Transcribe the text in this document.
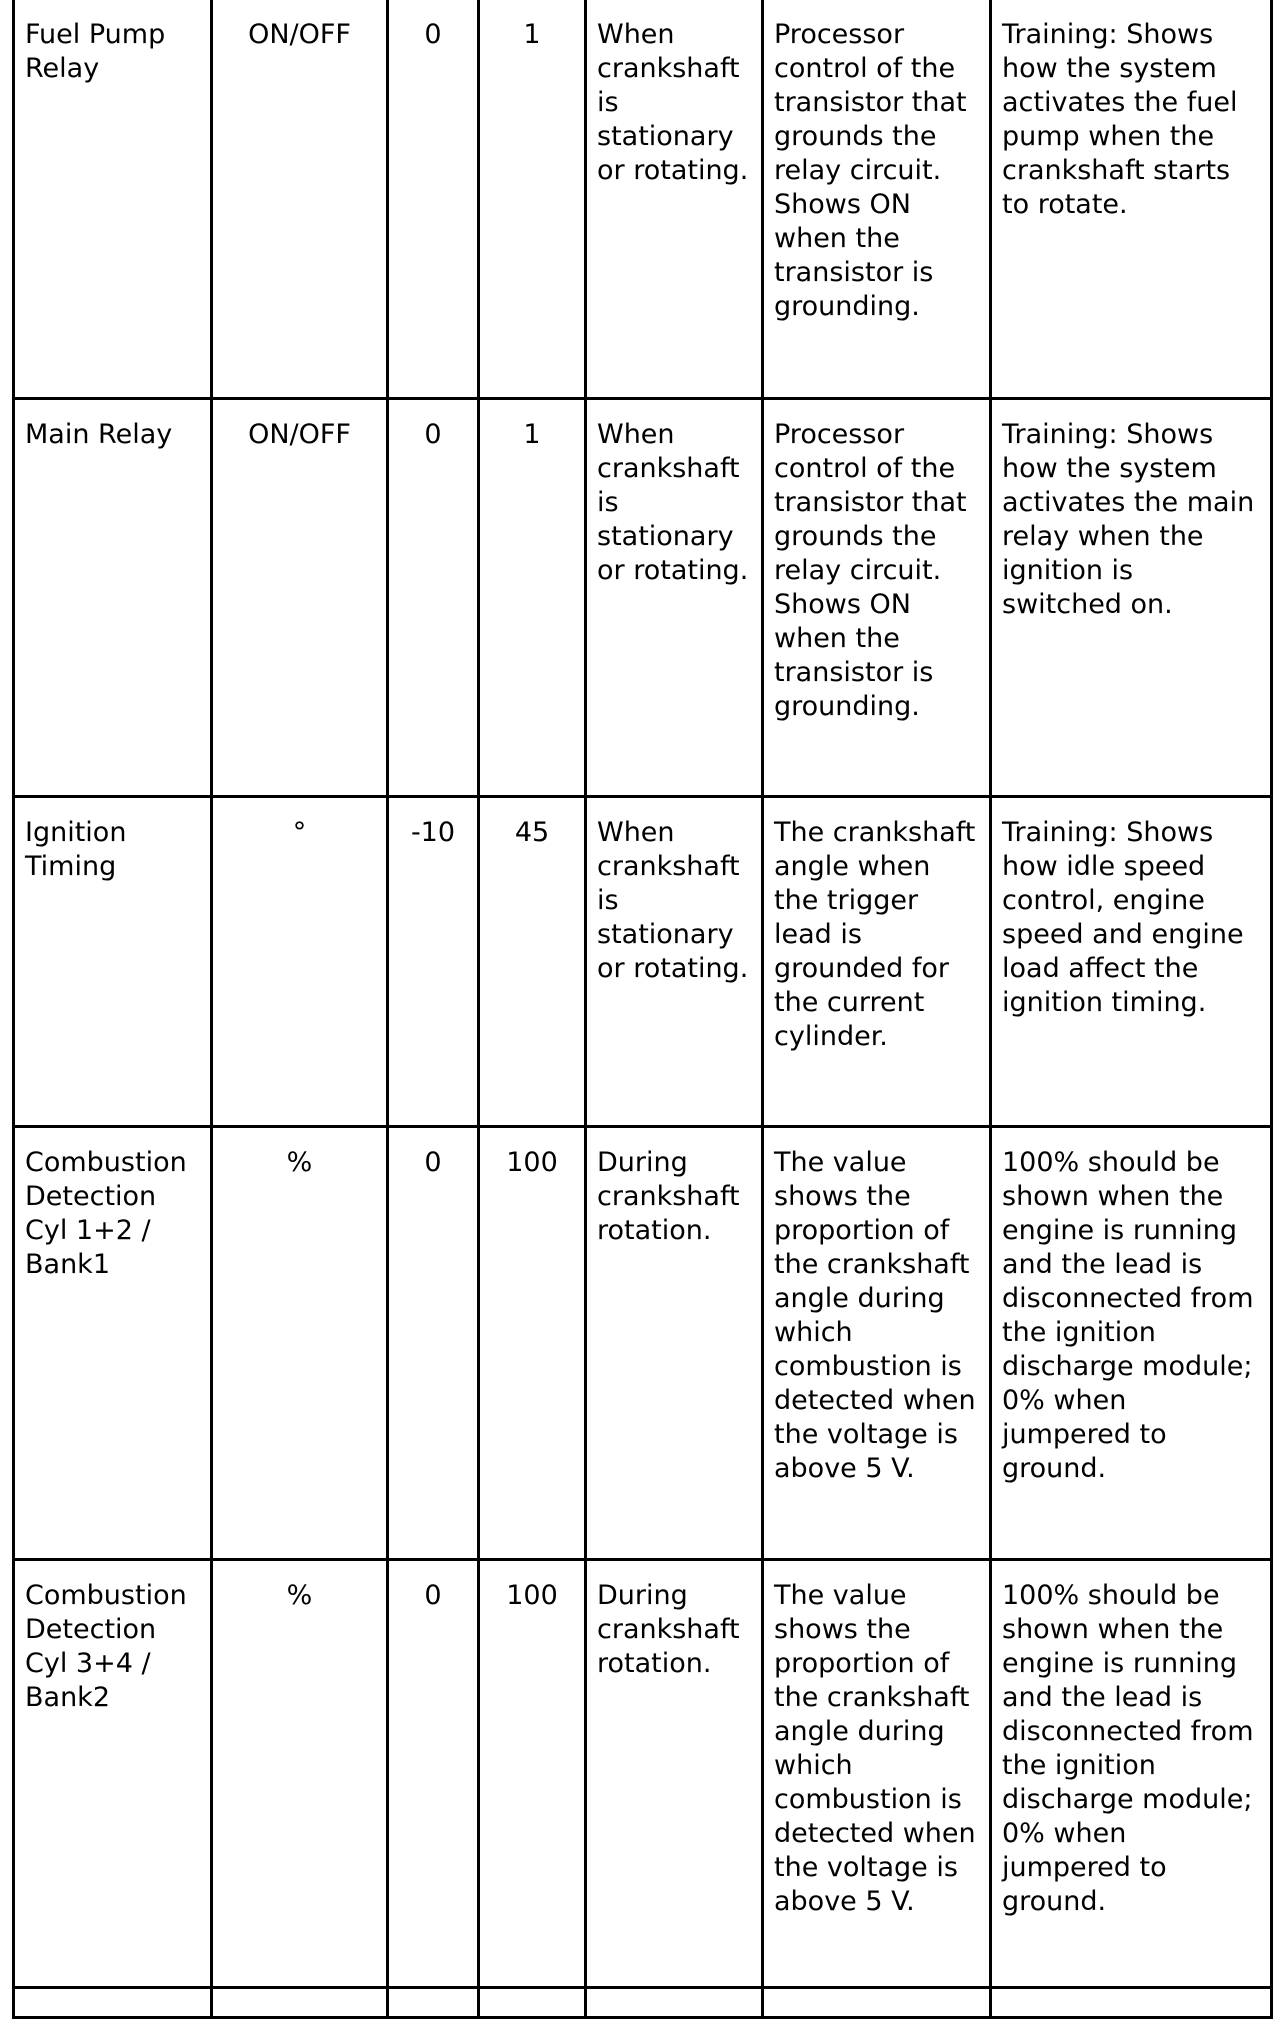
Fuel Pump Relay	ON/OFF	0	1	When crankshaft is stationary or rotating.	Processor control of the transistor that grounds the relay circuit. Shows ON when the transistor is grounding.	Training: Shows how the system activates the fuel pump when the crankshaft starts to rotate.
Main Relay	ON/OFF	0	1	When crankshaft is stationary or rotating.	Processor control of the transistor that grounds the relay circuit. Shows ON when the transistor is grounding.	Training: Shows how the system activates the main relay when the ignition is switched on.
Ignition Timing	°	-10	45	When crankshaft is stationary or rotating.	The crankshaft angle when the trigger lead is grounded for the current cylinder.	Training: Shows how idle speed control, engine speed and engine load affect the ignition timing.
Combustion Detection Cyl 1+2 / Bank1	%	0	100	During crankshaft rotation.	The value shows the proportion of the crankshaft angle during which combustion is detected when the voltage is above 5 V.	100% should be shown when the engine is running and the lead is disconnected from the ignition discharge module; 0% when jumpered to ground.
Combustion Detection Cyl 3+4 / Bank2	%	0	100	During crankshaft rotation.	The value shows the proportion of the crankshaft angle during which combustion is detected when the voltage is above 5 V.	100% should be shown when the engine is running and the lead is disconnected from the ignition discharge module; 0% when jumpered to ground.
